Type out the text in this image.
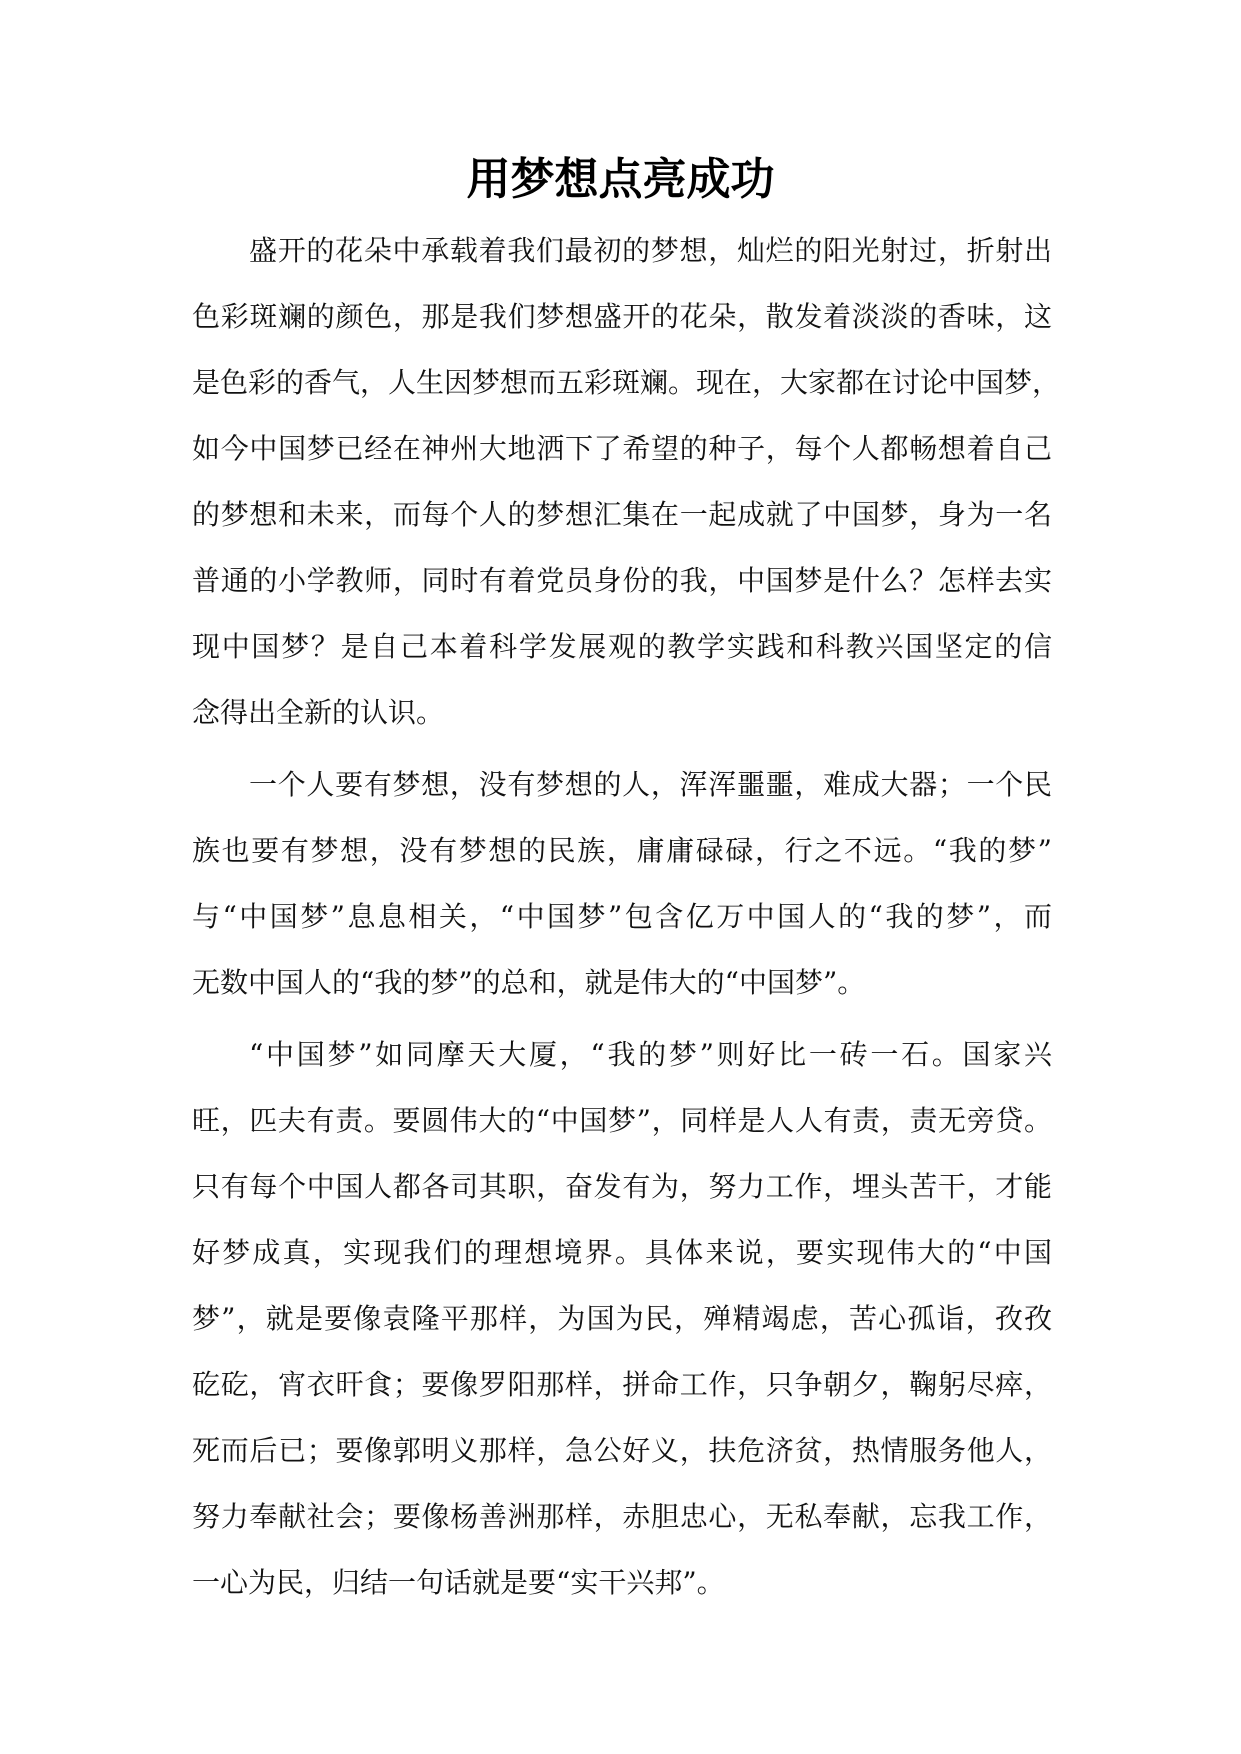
用梦想点亮成功

盛开的花朵中承载着我们最初的梦想，灿烂的阳光射过，折射出
色彩斑斓的颜色，那是我们梦想盛开的花朵，散发着淡淡的香味，这
是色彩的香气，人生因梦想而五彩斑斓。现在，大家都在讨论中国梦，
如今中国梦已经在神州大地洒下了希望的种子，每个人都畅想着自己
的梦想和未来，而每个人的梦想汇集在一起成就了中国梦，身为一名
普通的小学教师，同时有着党员身份的我，中国梦是什么？怎样去实
现中国梦？是自己本着科学发展观的教学实践和科教兴国坚定的信
念得出全新的认识。

一个人要有梦想，没有梦想的人，浑浑噩噩，难成大器；一个民
族也要有梦想，没有梦想的民族，庸庸碌碌，行之不远。“我的梦”
与“中国梦”息息相关，“中国梦”包含亿万中国人的“我的梦”，而
无数中国人的“我的梦”的总和，就是伟大的“中国梦”。

“中国梦”如同摩天大厦，“我的梦”则好比一砖一石。国家兴
旺，匹夫有责。要圆伟大的“中国梦”，同样是人人有责，责无旁贷。
只有每个中国人都各司其职，奋发有为，努力工作，埋头苦干，才能
好梦成真，实现我们的理想境界。具体来说，要实现伟大的“中国
梦”，就是要像袁隆平那样，为国为民，殚精竭虑，苦心孤诣，孜孜
矻矻，宵衣旰食；要像罗阳那样，拼命工作，只争朝夕，鞠躬尽瘁，
死而后已；要像郭明义那样，急公好义，扶危济贫，热情服务他人，
努力奉献社会；要像杨善洲那样，赤胆忠心，无私奉献，忘我工作，
一心为民，归结一句话就是要“实干兴邦”。
